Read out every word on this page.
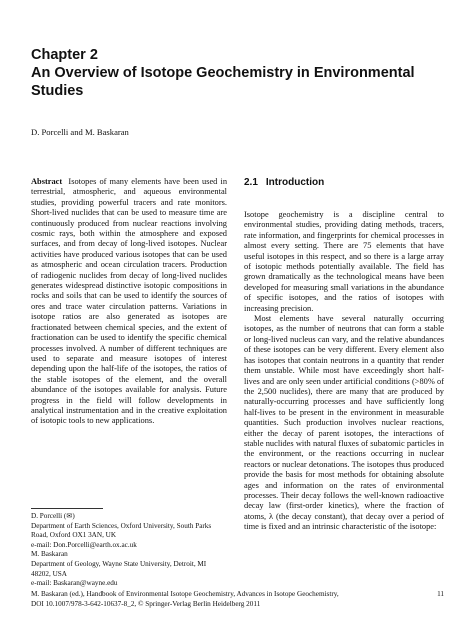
Chapter 2
An Overview of Isotope Geochemistry in Environmental Studies
D. Porcelli and M. Baskaran

Abstract Isotopes of many elements have been used in terrestrial, atmospheric, and aqueous environmental studies, providing powerful tracers and rate monitors. Short-lived nuclides that can be used to measure time are continuously produced from nuclear reactions involving cosmic rays, both within the atmosphere and exposed surfaces, and from decay of long-lived isotopes. Nuclear activities have produced various isotopes that can be used as atmospheric and ocean circulation tracers. Production of radiogenic nuclides from decay of long-lived nuclides generates widespread distinctive isotopic compositions in rocks and soils that can be used to identify the sources of ores and trace water circulation patterns. Variations in isotope ratios are also generated as isotopes are fractionated between chemical species, and the extent of fractionation can be used to identify the specific chemical processes involved. A number of different techniques are used to separate and measure isotopes of interest depending upon the half-life of the isotopes, the ratios of the stable isotopes of the element, and the overall abundance of the isotopes available for analysis. Future progress in the field will follow developments in analytical instrumentation and in the creative exploitation of isotopic tools to new applications.

2.1 Introduction

Isotope geochemistry is a discipline central to environmental studies, providing dating methods, tracers, rate information, and fingerprints for chemical processes in almost every setting. There are 75 elements that have useful isotopes in this respect, and so there is a large array of isotopic methods potentially available. The field has grown dramatically as the technological means have been developed for measuring small variations in the abundance of specific isotopes, and the ratios of isotopes with increasing precision.

Most elements have several naturally occurring isotopes, as the number of neutrons that can form a stable or long-lived nucleus can vary, and the relative abundances of these isotopes can be very different. Every element also has isotopes that contain neutrons in a quantity that render them unstable. While most have exceedingly short half-lives and are only seen under artificial conditions (>80% of the 2,500 nuclides), there are many that are produced by naturally-occurring processes and have sufficiently long half-lives to be present in the environment in measurable quantities. Such production involves nuclear reactions, either the decay of parent isotopes, the interactions of stable nuclides with natural fluxes of subatomic particles in the environment, or the reactions occurring in nuclear reactors or nuclear detonations. The isotopes thus produced provide the basis for most methods for obtaining absolute ages and information on the rates of environmental processes. Their decay follows the well-known radioactive decay law (first-order kinetics), where the fraction of atoms, λ (the decay constant), that decay over a period of time is fixed and an intrinsic characteristic of the isotope:

D. Porcelli (✉)
Department of Earth Sciences, Oxford University, South Parks
Road, Oxford OX1 3AN, UK
e-mail: Don.Porcelli@earth.ox.ac.uk
M. Baskaran
Department of Geology, Wayne State University, Detroit, MI
48202, USA
e-mail: Baskaran@wayne.edu
M. Baskaran (ed.), Handbook of Environmental Isotope Geochemistry, Advances in Isotope Geochemistry,
DOI 10.1007/978-3-642-10637-8_2, © Springer-Verlag Berlin Heidelberg 2011
11
